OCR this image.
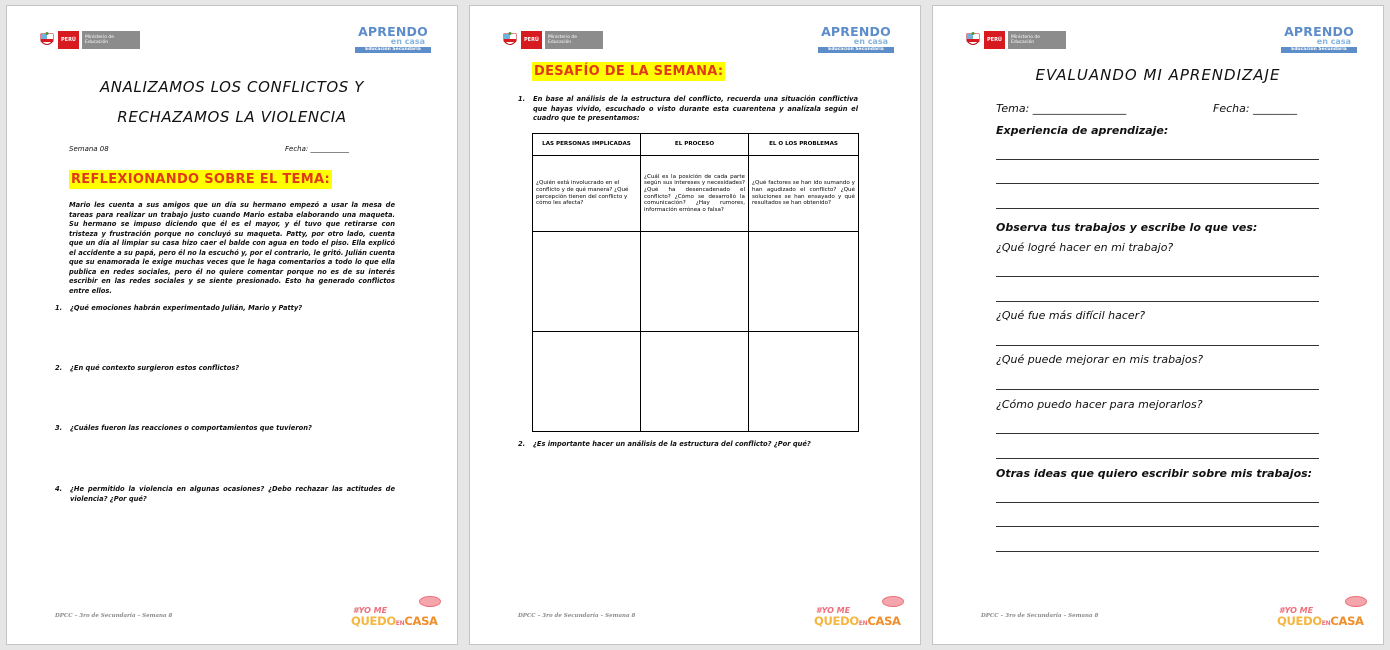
PERÚ	Ministerio de Educación
APRENDO
en casa
Educación Secundaria
ANALIZAMOS LOS CONFLICTOS Y
RECHAZAMOS LA VIOLENCIA
Semana 08	Fecha: ___________
REFLEXIONANDO SOBRE EL TEMA:
Mario les cuenta a sus amigos que un día su hermano empezó a usar la mesa de tareas para realizar un trabajo justo cuando Mario estaba elaborando una maqueta. Su hermano se impuso diciendo que él es el mayor, y él tuvo que retirarse con tristeza y frustración porque no concluyó su maqueta. Patty, por otro lado, cuenta que un día al limpiar su casa hizo caer el balde con agua en todo el piso. Ella explicó el accidente a su papá, pero él no la escuchó y, por el contrario, le gritó. Julián cuenta que su enamorada le exige muchas veces que le haga comentarios a todo lo que ella publica en redes sociales, pero él no quiere comentar porque no es de su interés escribir en las redes sociales y se siente presionado. Esto ha generado conflictos entre ellos.
1.	¿Qué emociones habrán experimentado Julián, Mario y Patty?
2.	¿En qué contexto surgieron estos conflictos?
3.	¿Cuáles fueron las reacciones o comportamientos que tuvieron?
4.	¿He permitido la violencia en algunas ocasiones? ¿Debo rechazar las actitudes de violencia? ¿Por qué?
DPCC – 3ro de Secundaria – Semana 8
#YO ME
QUEDOENCASA
PERÚ	Ministerio de Educación
APRENDO
en casa
Educación Secundaria
DESAFÍO DE LA SEMANA:
1.	En base al análisis de la estructura del conflicto, recuerda una situación conflictiva que hayas vivido, escuchado o visto durante esta cuarentena y analízala según el cuadro que te presentamos:
LAS PERSONAS IMPLICADAS	EL PROCESO	EL O LOS PROBLEMAS
¿Quién está involucrado en el conflicto y de qué manera? ¿Qué percepción tienen del conflicto y cómo les afecta?	¿Cuál es la posición de cada parte según sus intereses y necesidades? ¿Qué ha desencadenado el conflicto? ¿Cómo se desarrolló la comunicación? ¿Hay rumores, información errónea o falsa?	¿Qué factores se han ido sumando y han agudizado el conflicto? ¿Qué soluciones se han ensayado y qué resultados se han obtenido?

2.	¿Es importante hacer un análisis de la estructura del conflicto? ¿Por qué?
DPCC – 3ro de Secundaria – Semana 8
#YO ME
QUEDOENCASA
PERÚ	Ministerio de Educación
APRENDO
en casa
Educación Secundaria
EVALUANDO MI APRENDIZAJE
Tema: _________________	Fecha: ________
Experiencia de aprendizaje:
Observa tus trabajos y escribe lo que ves:
¿Qué logré hacer en mi trabajo?
¿Qué fue más difícil hacer?
¿Qué puede mejorar en mis trabajos?
¿Cómo puedo hacer para mejorarlos?
Otras ideas que quiero escribir sobre mis trabajos:
DPCC – 3ro de Secundaria – Semana 8
#YO ME
QUEDOENCASA
